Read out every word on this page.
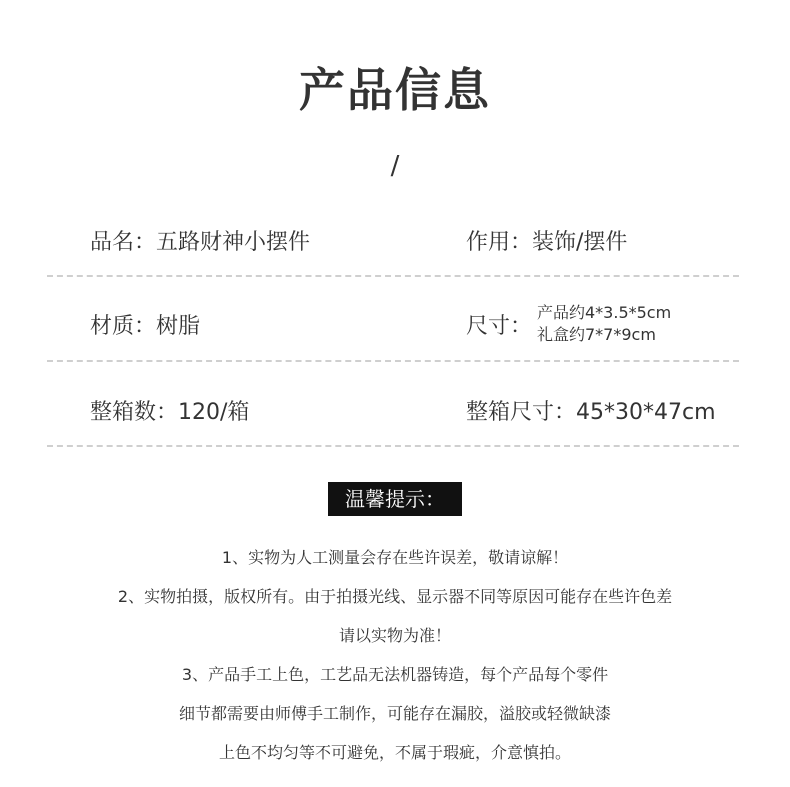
产品信息
/
品名：五路财神小摆件	作用：装饰/摆件
材质：树脂	尺寸：
产品约4*3.5*5cm
礼盒约7*7*9cm
整箱数：120/箱	整箱尺寸：45*30*47cm
温馨提示：
1、实物为人工测量会存在些许误差，敬请谅解！
2、实物拍摄，版权所有。由于拍摄光线、显示器不同等原因可能存在些许色差
请以实物为准！
3、产品手工上色，工艺品无法机器铸造，每个产品每个零件
细节都需要由师傅手工制作，可能存在漏胶，溢胶或轻微缺漆
上色不均匀等不可避免，不属于瑕疵，介意慎拍。
